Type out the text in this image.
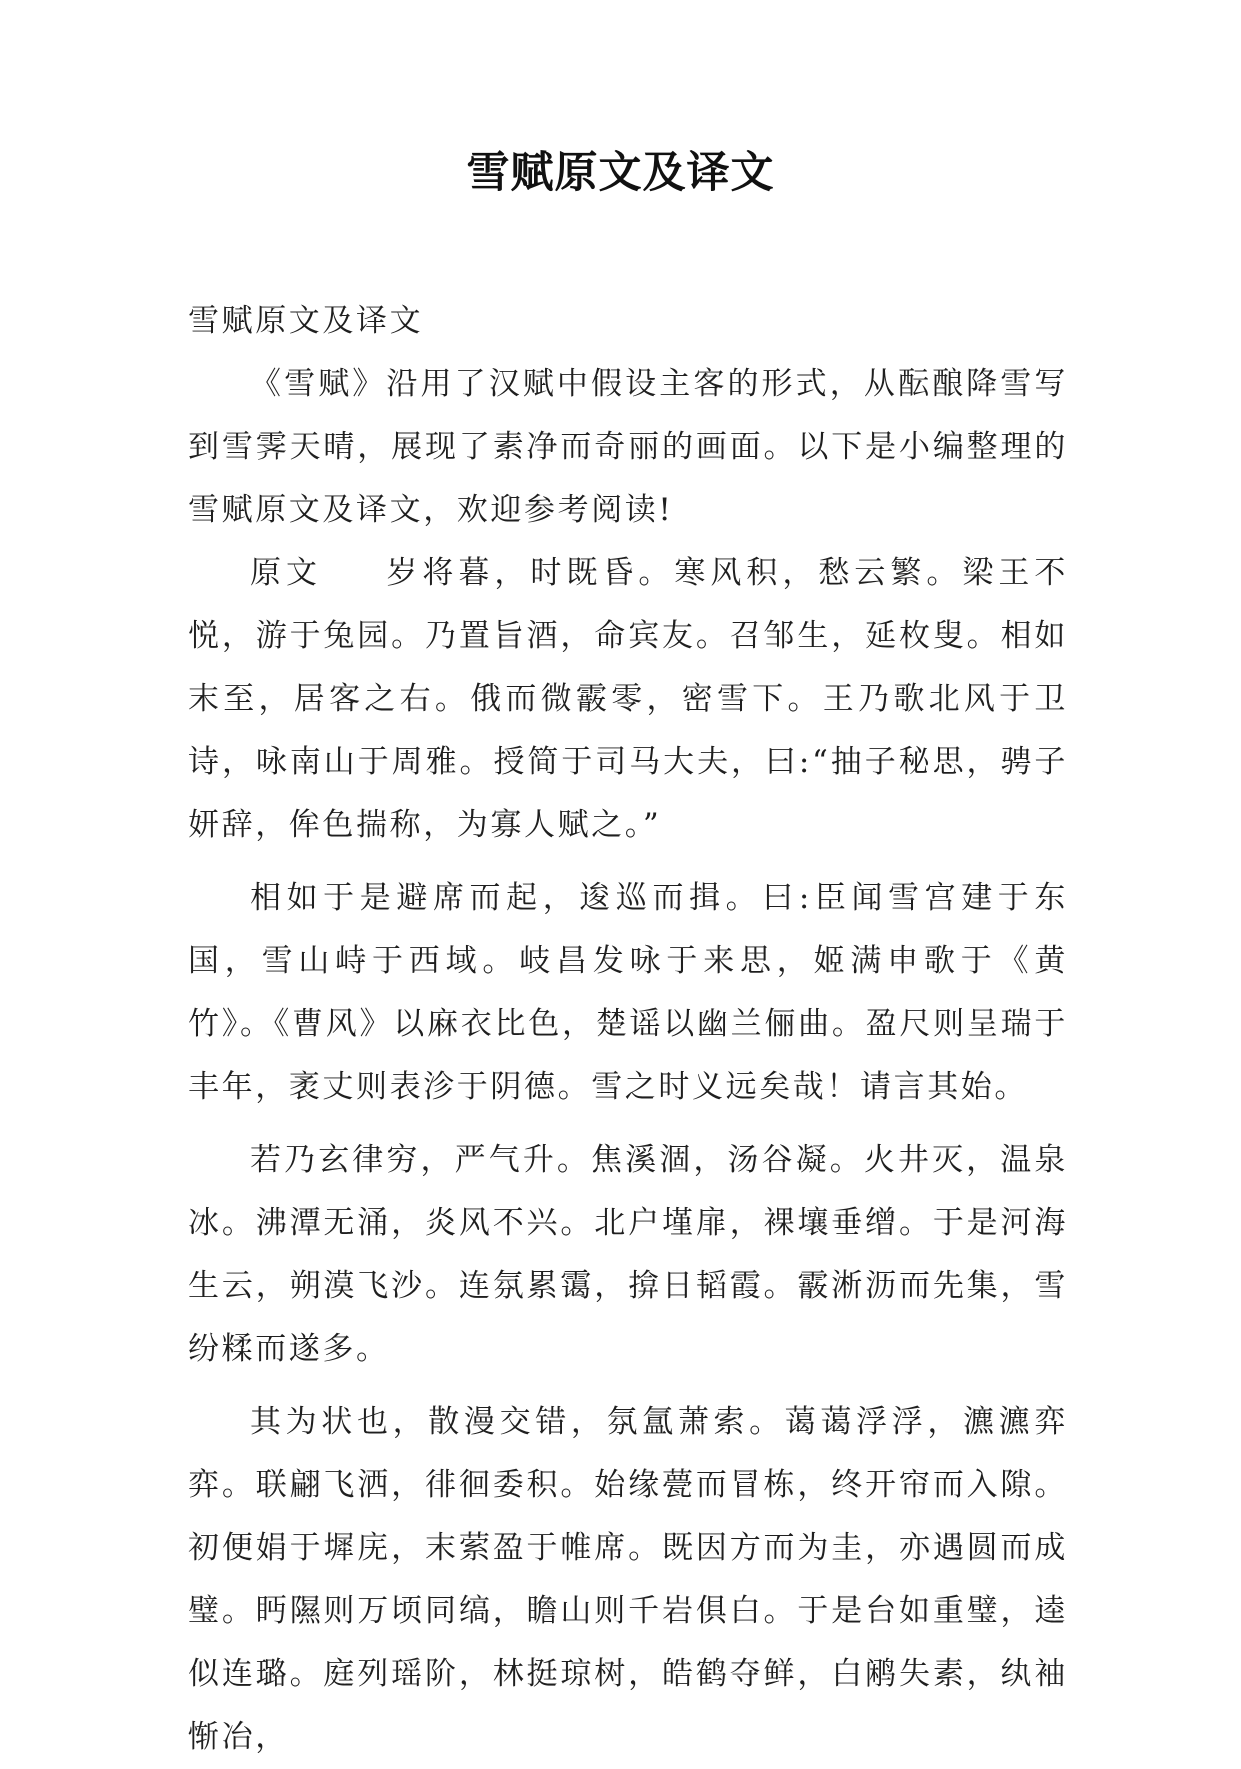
雪赋原文及译文

雪赋原文及译文

《雪赋》沿用了汉赋中假设主客的形式，从酝酿降雪写到雪霁天晴，展现了素净而奇丽的画面。以下是小编整理的雪赋原文及译文，欢迎参考阅读!

原文 岁将暮，时既昏。寒风积，愁云繁。梁王不悦，游于兔园。乃置旨酒，命宾友。召邹生，延枚叟。相如末至，居客之右。俄而微霰零，密雪下。王乃歌北风于卫诗，咏南山于周雅。授简于司马大夫，曰:“抽子秘思，骋子妍辞，侔色揣称，为寡人赋之。”

相如于是避席而起，逡巡而揖。曰:臣闻雪宫建于东国，雪山峙于西域。岐昌发咏于来思，姬满申歌于《黄竹》。《曹风》以麻衣比色，楚谣以幽兰俪曲。盈尺则呈瑞于丰年，袤丈则表沴于阴德。雪之时义远矣哉！请言其始。

若乃玄律穷，严气升。焦溪涸，汤谷凝。火井灭，温泉冰。沸潭无涌，炎风不兴。北户墐扉，裸壤垂缯。于是河海生云，朔漠飞沙。连氛累霭，揜日韬霞。霰淅沥而先集，雪纷糅而遂多。

其为状也，散漫交错，氛氲萧索。蔼蔼浮浮，瀌瀌弈弈。联翩飞洒，徘徊委积。始缘甍而冒栋，终开帘而入隙。初便娟于墀庑，末萦盈于帷席。既因方而为圭，亦遇圆而成璧。眄隰则万顷同缟，瞻山则千岩俱白。于是台如重璧，逵似连璐。庭列瑶阶，林挺琼树，皓鹤夺鲜，白鹇失素，纨袖惭冶，
